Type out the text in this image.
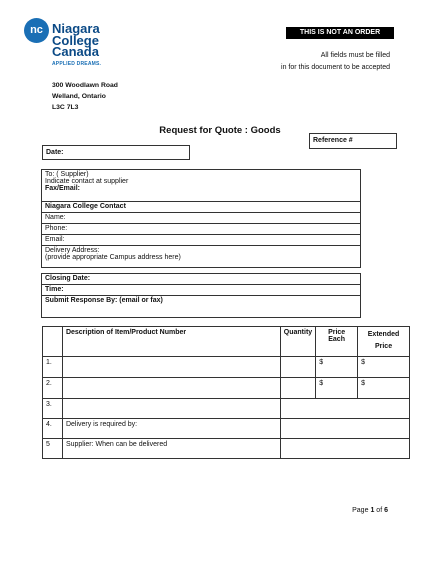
nc Niagara
College
Canada
APPLIED DREAMS.
THIS IS NOT AN ORDER
All fields must be filled
in for this document to be accepted
300 Woodlawn Road
Welland, Ontario
L3C 7L3
Request for Quote : Goods
Reference #
Date:
To: ( Supplier)
Indicate contact at supplier
Fax/Email:
Niagara College Contact
Name:
Phone:
Email:
Delivery Address:
(provide appropriate Campus address here)
Closing Date:
Time:
Submit Response By: (email or fax)
	Description of Item/Product Number	Quantity	Price Each	Extended Price
1.			$	$
2.			$	$
3.				
4.	Delivery is required by:			
5	Supplier: When can be delivered			
Page 1 of 6
